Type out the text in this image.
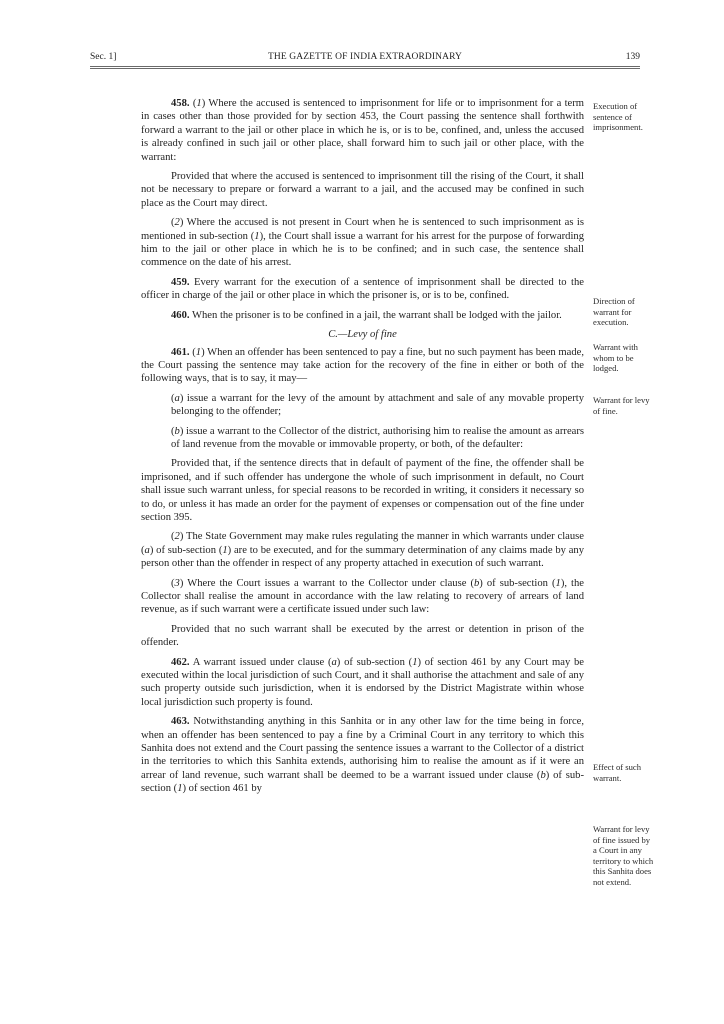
Sec. 1]	THE GAZETTE OF INDIA EXTRAORDINARY	139

458. (1) Where the accused is sentenced to imprisonment for life or to imprisonment for a term in cases other than those provided for by section 453, the Court passing the sentence shall forthwith forward a warrant to the jail or other place in which he is, or is to be, confined, and, unless the accused is already confined in such jail or other place, shall forward him to such jail or other place, with the warrant:

Provided that where the accused is sentenced to imprisonment till the rising of the Court, it shall not be necessary to prepare or forward a warrant to a jail, and the accused may be confined in such place as the Court may direct.

(2) Where the accused is not present in Court when he is sentenced to such imprisonment as is mentioned in sub-section (1), the Court shall issue a warrant for his arrest for the purpose of forwarding him to the jail or other place in which he is to be confined; and in such case, the sentence shall commence on the date of his arrest.

459. Every warrant for the execution of a sentence of imprisonment shall be directed to the officer in charge of the jail or other place in which the prisoner is, or is to be, confined.

460. When the prisoner is to be confined in a jail, the warrant shall be lodged with the jailor.

C.—Levy of fine

461. (1) When an offender has been sentenced to pay a fine, but no such payment has been made, the Court passing the sentence may take action for the recovery of the fine in either or both of the following ways, that is to say, it may—

(a) issue a warrant for the levy of the amount by attachment and sale of any movable property belonging to the offender;

(b) issue a warrant to the Collector of the district, authorising him to realise the amount as arrears of land revenue from the movable or immovable property, or both, of the defaulter:

Provided that, if the sentence directs that in default of payment of the fine, the offender shall be imprisoned, and if such offender has undergone the whole of such imprisonment in default, no Court shall issue such warrant unless, for special reasons to be recorded in writing, it considers it necessary so to do, or unless it has made an order for the payment of expenses or compensation out of the fine under section 395.

(2) The State Government may make rules regulating the manner in which warrants under clause (a) of sub-section (1) are to be executed, and for the summary determination of any claims made by any person other than the offender in respect of any property attached in execution of such warrant.

(3) Where the Court issues a warrant to the Collector under clause (b) of sub-section (1), the Collector shall realise the amount in accordance with the law relating to recovery of arrears of land revenue, as if such warrant were a certificate issued under such law:

Provided that no such warrant shall be executed by the arrest or detention in prison of the offender.

462. A warrant issued under clause (a) of sub-section (1) of section 461 by any Court may be executed within the local jurisdiction of such Court, and it shall authorise the attachment and sale of any such property outside such jurisdiction, when it is endorsed by the District Magistrate within whose local jurisdiction such property is found.

463. Notwithstanding anything in this Sanhita or in any other law for the time being in force, when an offender has been sentenced to pay a fine by a Criminal Court in any territory to which this Sanhita does not extend and the Court passing the sentence issues a warrant to the Collector of a district in the territories to which this Sanhita extends, authorising him to realise the amount as if it were an arrear of land revenue, such warrant shall be deemed to be a warrant issued under clause (b) of sub-section (1) of section 461 by

Execution of sentence of imprisonment.
Direction of warrant for execution.
Warrant with whom to be lodged.
Warrant for levy of fine.
Effect of such warrant.
Warrant for levy of fine issued by a Court in any territory to which this Sanhita does not extend.
